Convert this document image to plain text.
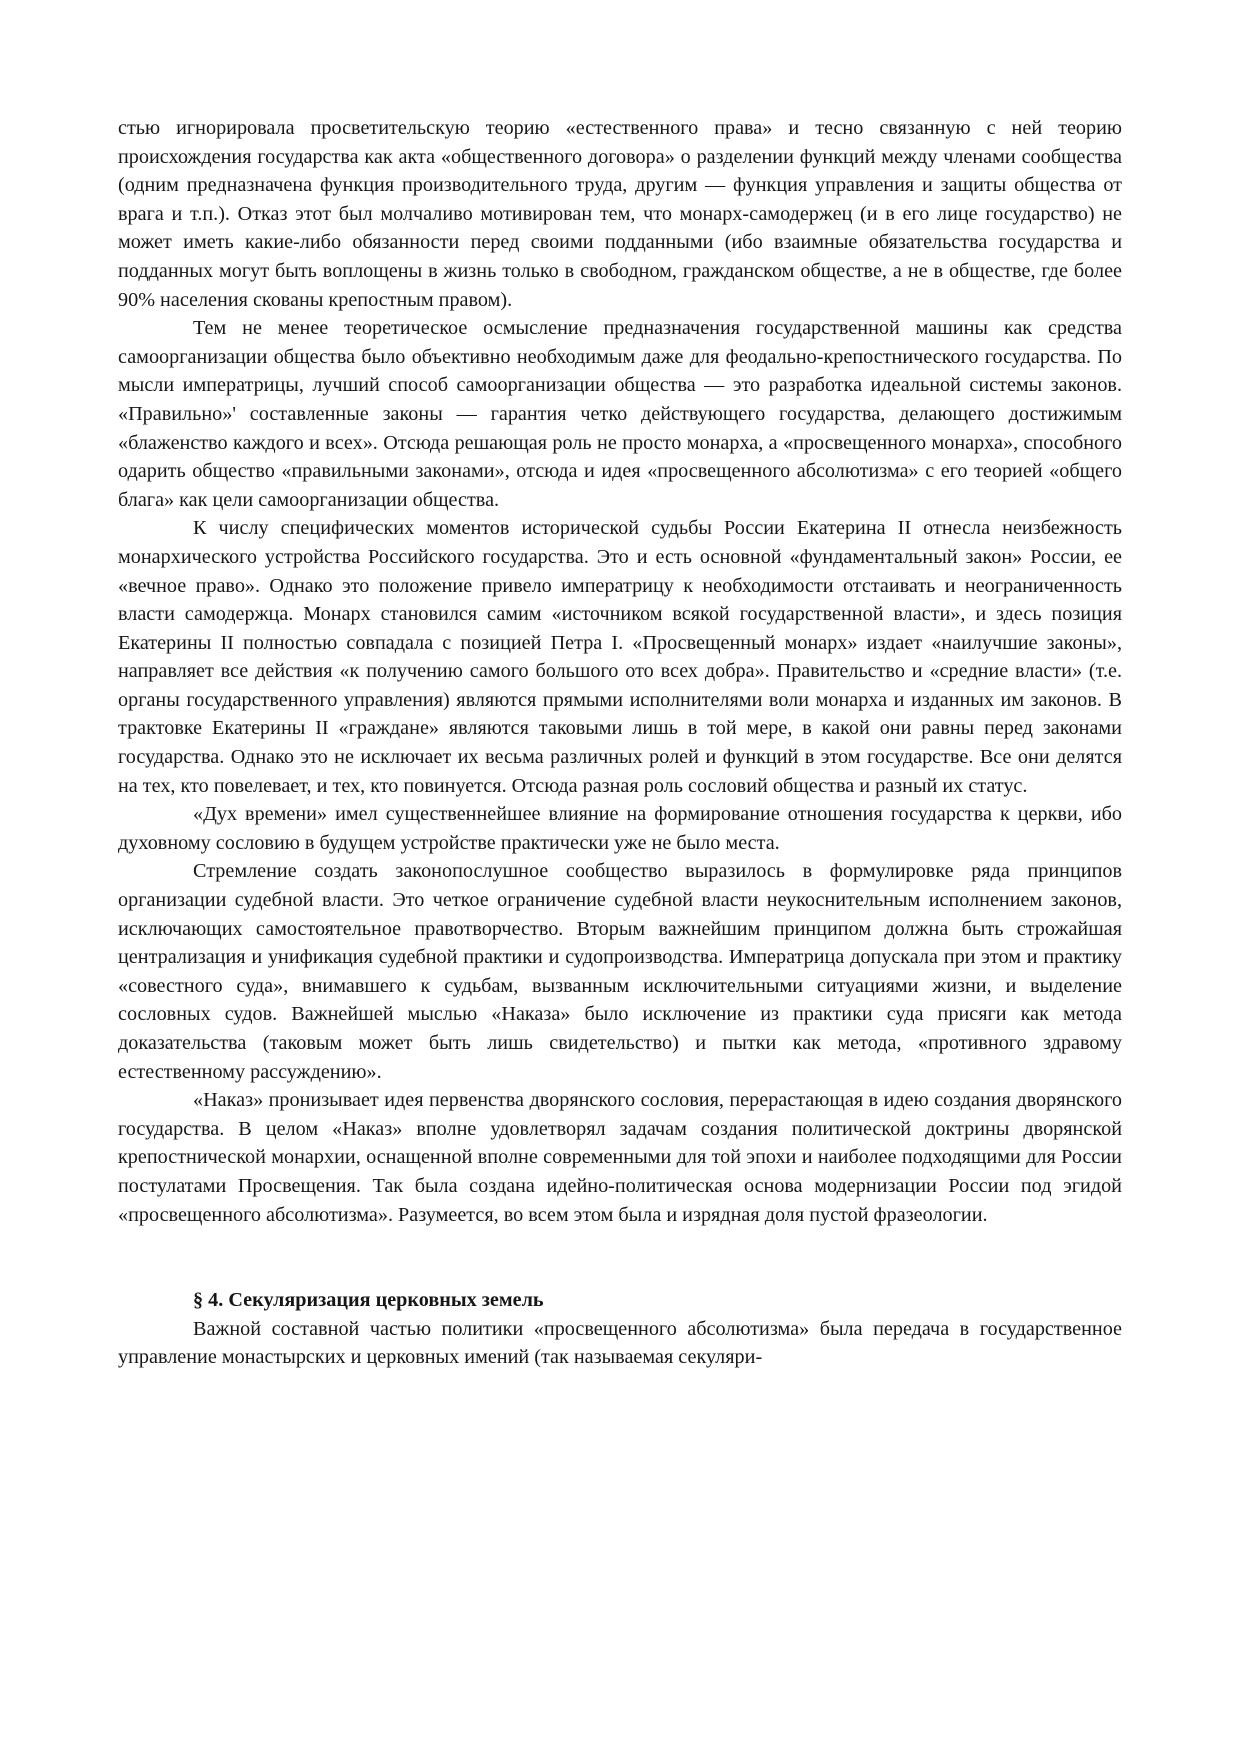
стью игнорировала просветительскую теорию «естественного права» и тесно связанную с ней теорию происхождения государства как акта «общественного договора» о разделении функций между членами сообщества (одним предназначена функция производительного труда, другим — функция управления и защиты общества от врага и т.п.). Отказ этот был молчаливо мотивирован тем, что монарх-самодержец (и в его лице государство) не может иметь какие-либо обязанности перед своими подданными (ибо взаимные обязательства государства и подданных могут быть воплощены в жизнь только в свободном, гражданском обществе, а не в обществе, где более 90% населения скованы крепостным правом).

Тем не менее теоретическое осмысление предназначения государственной машины как средства самоорганизации общества было объективно необходимым даже для феодально-крепостнического государства. По мысли императрицы, лучший способ самоорганизации общества — это разработка идеальной системы законов. «Правильно»' составленные законы — гарантия четко действующего государства, делающего достижимым «блаженство каждого и всех». Отсюда решающая роль не просто монарха, а «просвещенного монарха», способного одарить общество «правильными законами», отсюда и идея «просвещенного абсолютизма» с его теорией «общего блага» как цели самоорганизации общества.

К числу специфических моментов исторической судьбы России Екатерина II отнесла неизбежность монархического устройства Российского государства. Это и есть основной «фундаментальный закон» России, ее «вечное право». Однако это положение привело императрицу к необходимости отстаивать и неограниченность власти самодержца. Монарх становился самим «источником всякой государственной власти», и здесь позиция Екатерины II полностью совпадала с позицией Петра I. «Просвещенный монарх» издает «наилучшие законы», направляет все действия «к получению самого большого ото всех добра». Правительство и «средние власти» (т.е. органы государственного управления) являются прямыми исполнителями воли монарха и изданных им законов. В трактовке Екатерины II «граждане» являются таковыми лишь в той мере, в какой они равны перед законами государства. Однако это не исключает их весьма различных ролей и функций в этом государстве. Все они делятся на тех, кто повелевает, и тех, кто повинуется. Отсюда разная роль сословий общества и разный их статус.

«Дух времени» имел существеннейшее влияние на формирование отношения государства к церкви, ибо духовному сословию в будущем устройстве практически уже не было места.

Стремление создать законопослушное сообщество выразилось в формулировке ряда принципов организации судебной власти. Это четкое ограничение судебной власти неукоснительным исполнением законов, исключающих самостоятельное правотворчество. Вторым важнейшим принципом должна быть строжайшая централизация и унификация судебной практики и судопроизводства. Императрица допускала при этом и практику «совестного суда», внимавшего к судьбам, вызванным исключительными ситуациями жизни, и выделение сословных судов. Важнейшей мыслью «Наказа» было исключение из практики суда присяги как метода доказательства (таковым может быть лишь свидетельство) и пытки как метода, «противного здравому естественному рассуждению».

«Наказ» пронизывает идея первенства дворянского сословия, перерастающая в идею создания дворянского государства. В целом «Наказ» вполне удовлетворял задачам создания политической доктрины дворянской крепостнической монархии, оснащенной вполне современными для той эпохи и наиболее подходящими для России постулатами Просвещения. Так была создана идейно-политическая основа модернизации России под эгидой «просвещенного абсолютизма». Разумеется, во всем этом была и изрядная доля пустой фразеологии.

§ 4. Секуляризация церковных земель

Важной составной частью политики «просвещенного абсолютизма» была передача в государственное управление монастырских и церковных имений (так называемая секуляри-
